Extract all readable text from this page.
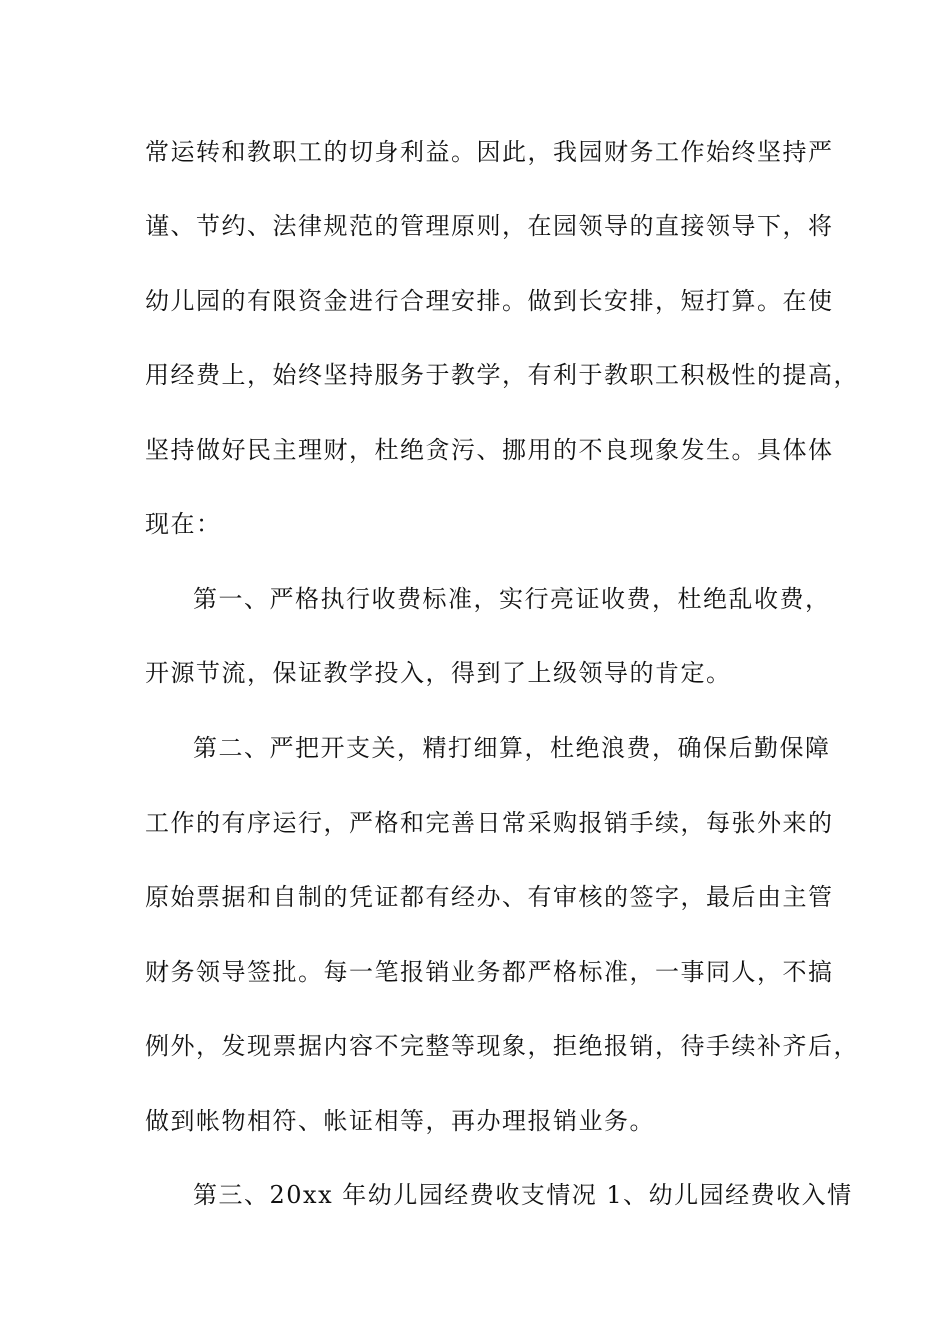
常运转和教职工的切身利益。因此，我园财务工作始终坚持严
谨、节约、法律规范的管理原则，在园领导的直接领导下，将
幼儿园的有限资金进行合理安排。做到长安排，短打算。在使
用经费上，始终坚持服务于教学，有利于教职工积极性的提高，
坚持做好民主理财，杜绝贪污、挪用的不良现象发生。具体体
现在：
第一、严格执行收费标准，实行亮证收费，杜绝乱收费，
开源节流，保证教学投入，得到了上级领导的肯定。
第二、严把开支关，精打细算，杜绝浪费，确保后勤保障
工作的有序运行，严格和完善日常采购报销手续，每张外来的
原始票据和自制的凭证都有经办、有审核的签字，最后由主管
财务领导签批。每一笔报销业务都严格标准，一事同人，不搞
例外，发现票据内容不完整等现象，拒绝报销，待手续补齐后，
做到帐物相符、帐证相等，再办理报销业务。
第三、20xx 年幼儿园经费收支情况 1、幼儿园经费收入情
